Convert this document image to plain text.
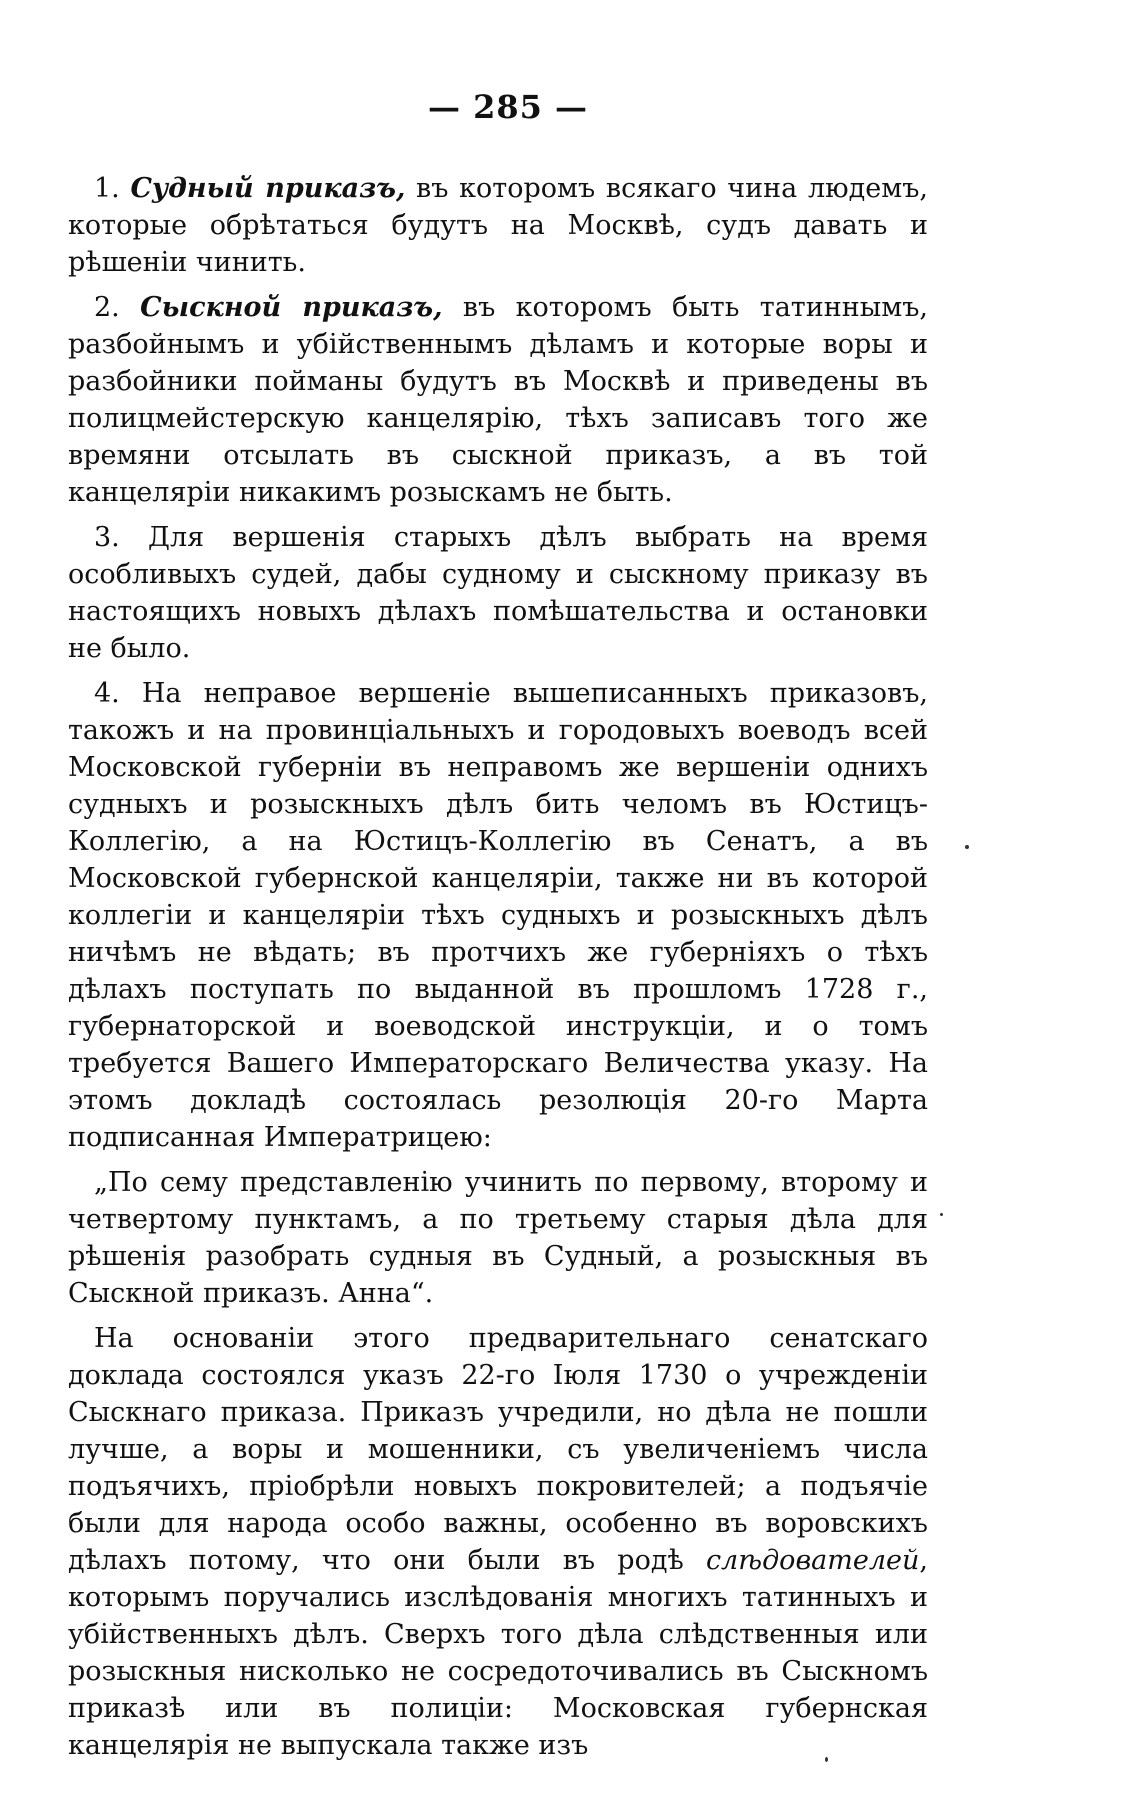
— 285 —

1. Судный приказъ, въ которомъ всякаго чина людемъ, которые обрѣтаться будутъ на Москвѣ, судъ давать и рѣшеніи чинить.

2. Сыскной приказъ, въ которомъ быть татиннымъ, разбойнымъ и убійственнымъ дѣламъ и которые воры и разбойники пойманы будутъ въ Москвѣ и приведены въ полицмейстерскую канцелярію, тѣхъ записавъ того же времяни отсылать въ сыскной приказъ, а въ той канцеляріи никакимъ розыскамъ не быть.

3. Для вершенія старыхъ дѣлъ выбрать на время особливыхъ судей, дабы судному и сыскному приказу въ настоящихъ новыхъ дѣлахъ помѣшательства и остановки не было.

4. На неправое вершеніе вышеписанныхъ приказовъ, такожъ и на провинціальныхъ и городовыхъ воеводъ всей Московской губерніи въ неправомъ же вершеніи однихъ судныхъ и розыскныхъ дѣлъ бить челомъ въ Юстицъ-Коллегію, а на Юстицъ-Коллегію въ Сенатъ, а въ Московской губернской канцеляріи, также ни въ которой коллегіи и канцеляріи тѣхъ судныхъ и розыскныхъ дѣлъ ничѣмъ не вѣдать; въ протчихъ же губерніяхъ о тѣхъ дѣлахъ поступать по выданной въ прошломъ 1728 г., губернаторской и воеводской инструкціи, и о томъ требуется Вашего Императорскаго Величества указу. На этомъ докладѣ состоялась резолюція 20-го Марта подписанная Императрицею:

„По сему представленію учинить по первому, второму и четвертому пунктамъ, а по третьему старыя дѣла для рѣшенія разобрать судныя въ Судный, а розыскныя въ Сыскной приказъ. Анна“.

На основаніи этого предварительнаго сенатскаго доклада состоялся указъ 22-го Іюля 1730 о учрежденіи Сыскнаго приказа. Приказъ учредили, но дѣла не пошли лучше, а воры и мошенники, съ увеличеніемъ числа подъячихъ, пріобрѣли новыхъ покровителей; а подъячіе были для народа особо важны, особенно въ воровскихъ дѣлахъ потому, что они были въ родѣ слѣдователей, которымъ поручались изслѣдованія многихъ татинныхъ и убійственныхъ дѣлъ. Сверхъ того дѣла слѣдственныя или розыскныя нисколько не сосредоточивались въ Сыскномъ приказѣ или въ полиціи: Московская губернская канцелярія не выпускала также изъ
